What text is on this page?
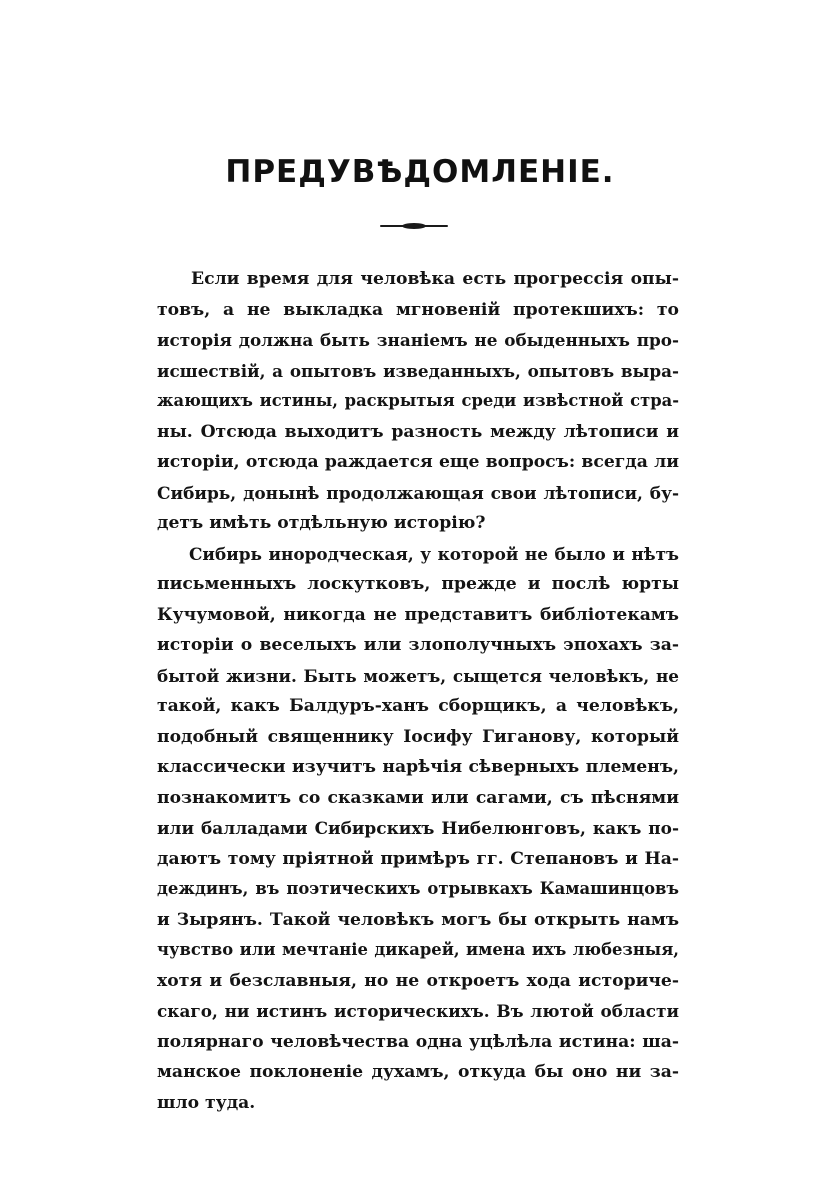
ПРЕДУВѢДОМЛЕНІЕ.
Если время для человѣка есть прогрессія опы-
товъ, а не выкладка мгновеній протекшихъ: то
исторія должна быть знаніемъ не обыденныхъ про-
исшествій, а опытовъ изведанныхъ, опытовъ выра-
жающихъ истины, раскрытыя среди извѣстной стра-
ны. Отсюда выходитъ разность между лѣтописи и
исторіи, отсюда раждается еще вопросъ: всегда ли
Сибирь, донынѣ продолжающая свои лѣтописи, бу-
детъ имѣть отдѣльную исторію?
Сибирь инородческая, у которой не было и нѣтъ
письменныхъ лоскутковъ, прежде и послѣ юрты
Кучумовой, никогда не представитъ библіотекамъ
исторіи о веселыхъ или злополучныхъ эпохахъ за-
бытой жизни. Быть можетъ, сыщется человѣкъ, не
такой, какъ Балдуръ-ханъ сборщикъ, а человѣкъ,
подобный священнику Іосифу Гиганову, который
классически изучитъ нарѣчія сѣверныхъ племенъ,
познакомитъ со сказками или сагами, съ пѣснями
или балладами Сибирскихъ Нибелюнговъ, какъ по-
даютъ тому пріятной примѣръ гг. Степановъ и На-
деждинъ, въ поэтическихъ отрывкахъ Камашинцовъ
и Зырянъ. Такой человѣкъ могъ бы открыть намъ
чувство или мечтаніе дикарей, имена ихъ любезныя,
хотя и безславныя, но не откроетъ хода историче-
скаго, ни истинъ историческихъ. Въ лютой области
полярнаго человѣчества одна уцѣлѣла истина: ша-
манское поклоненіе духамъ, откуда бы оно ни за-
шло туда.
